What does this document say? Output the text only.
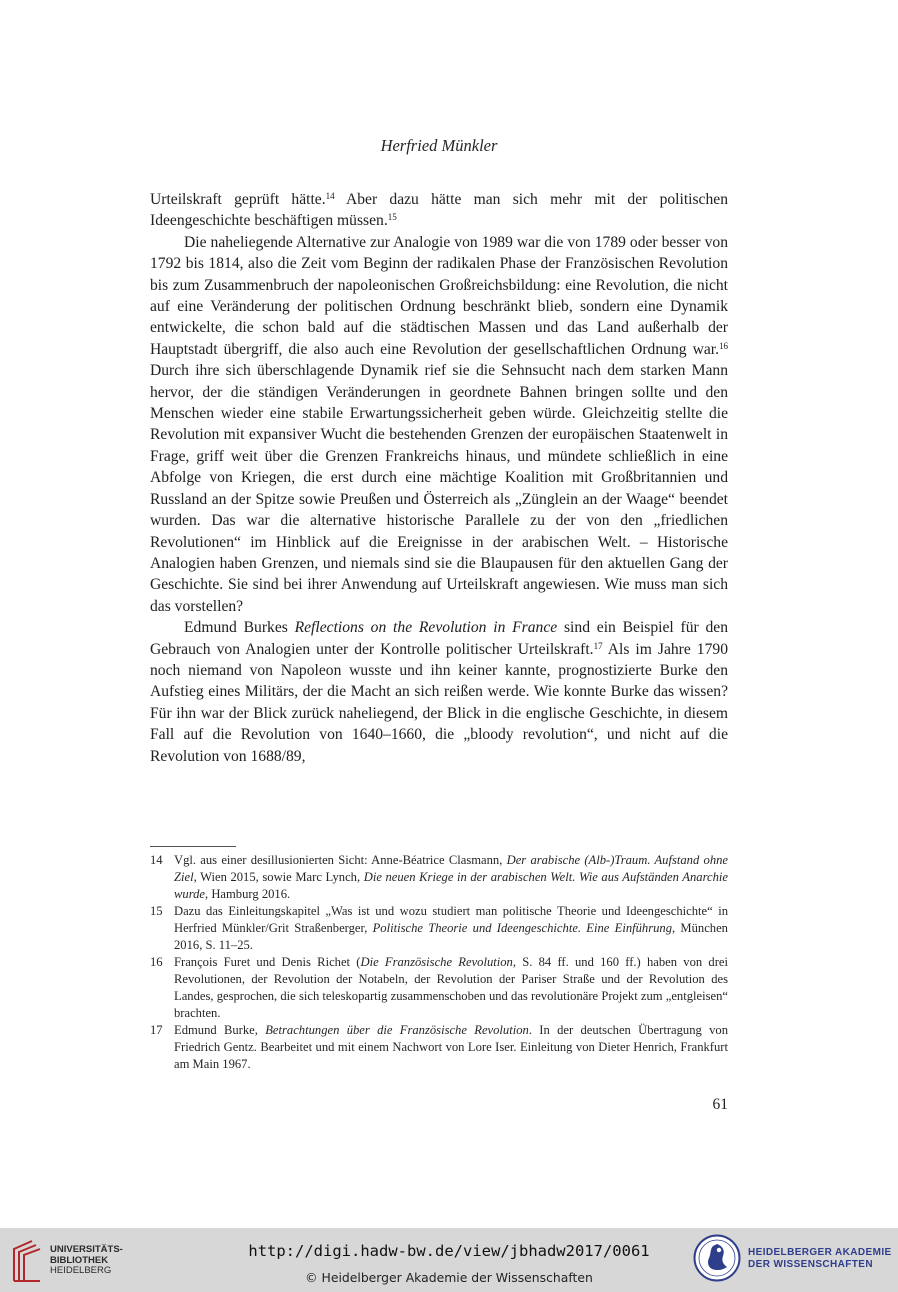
Herfried Münkler

Urteilskraft geprüft hätte.$^{14}$ Aber dazu hätte man sich mehr mit der politischen Ideengeschichte beschäftigen müssen.$^{15}$

Die naheliegende Alternative zur Analogie von 1989 war die von 1789 oder besser von 1792 bis 1814, also die Zeit vom Beginn der radikalen Phase der Französischen Revolution bis zum Zusammenbruch der napoleonischen Großreichsbildung: eine Revolution, die nicht auf eine Veränderung der politischen Ordnung beschränkt blieb, sondern eine Dynamik entwickelte, die schon bald auf die städtischen Massen und das Land außerhalb der Hauptstadt übergriff, die also auch eine Revolution der gesellschaftlichen Ordnung war.$^{16}$ Durch ihre sich überschlagende Dynamik rief sie die Sehnsucht nach dem starken Mann hervor, der die ständigen Veränderungen in geordnete Bahnen bringen sollte und den Menschen wieder eine stabile Erwartungssicherheit geben würde. Gleichzeitig stellte die Revolution mit expansiver Wucht die bestehenden Grenzen der europäischen Staatenwelt in Frage, griff weit über die Grenzen Frankreichs hinaus, und mündete schließlich in eine Abfolge von Kriegen, die erst durch eine mächtige Koalition mit Großbritannien und Russland an der Spitze sowie Preußen und Österreich als „Zünglein an der Waage“ beendet wurden. Das war die alternative historische Parallele zu der von den „friedlichen Revolutionen“ im Hinblick auf die Ereignisse in der arabischen Welt. – Historische Analogien haben Grenzen, und niemals sind sie die Blaupausen für den aktuellen Gang der Geschichte. Sie sind bei ihrer Anwendung auf Urteilskraft angewiesen. Wie muss man sich das vorstellen?

Edmund Burkes Reflections on the Revolution in France sind ein Beispiel für den Gebrauch von Analogien unter der Kontrolle politischer Urteilskraft.$^{17}$ Als im Jahre 1790 noch niemand von Napoleon wusste und ihn keiner kannte, prognostizierte Burke den Aufstieg eines Militärs, der die Macht an sich reißen werde. Wie konnte Burke das wissen? Für ihn war der Blick zurück naheliegend, der Blick in die englische Geschichte, in diesem Fall auf die Revolution von 1640–1660, die „bloody revolution“, und nicht auf die Revolution von 1688/89,

14 Vgl. aus einer desillusionierten Sicht: Anne-Béatrice Clasmann, Der arabische (Alb-)Traum. Aufstand ohne Ziel, Wien 2015, sowie Marc Lynch, Die neuen Kriege in der arabischen Welt. Wie aus Aufständen Anarchie wurde, Hamburg 2016.
15 Dazu das Einleitungskapitel „Was ist und wozu studiert man politische Theorie und Ideengeschichte“ in Herfried Münkler/Grit Straßenberger, Politische Theorie und Ideengeschichte. Eine Einführung, München 2016, S. 11–25.
16 François Furet und Denis Richet (Die Französische Revolution, S. 84 ff. und 160 ff.) haben von drei Revolutionen, der Revolution der Notabeln, der Revolution der Pariser Straße und der Revolution des Landes, gesprochen, die sich teleskopartig zusammenschoben und das revolutionäre Projekt zum „entgleisen“ brachten.
17 Edmund Burke, Betrachtungen über die Französische Revolution. In der deutschen Übertragung von Friedrich Gentz. Bearbeitet und mit einem Nachwort von Lore Iser. Einleitung von Dieter Henrich, Frankfurt am Main 1967.
61
UNIVERSITÄTS-
BIBLIOTHEK
HEIDELBERG
http://digi.hadw-bw.de/view/jbhadw2017/0061
© Heidelberger Akademie der Wissenschaften
HEIDELBERGER AKADEMIE
DER WISSENSCHAFTEN
